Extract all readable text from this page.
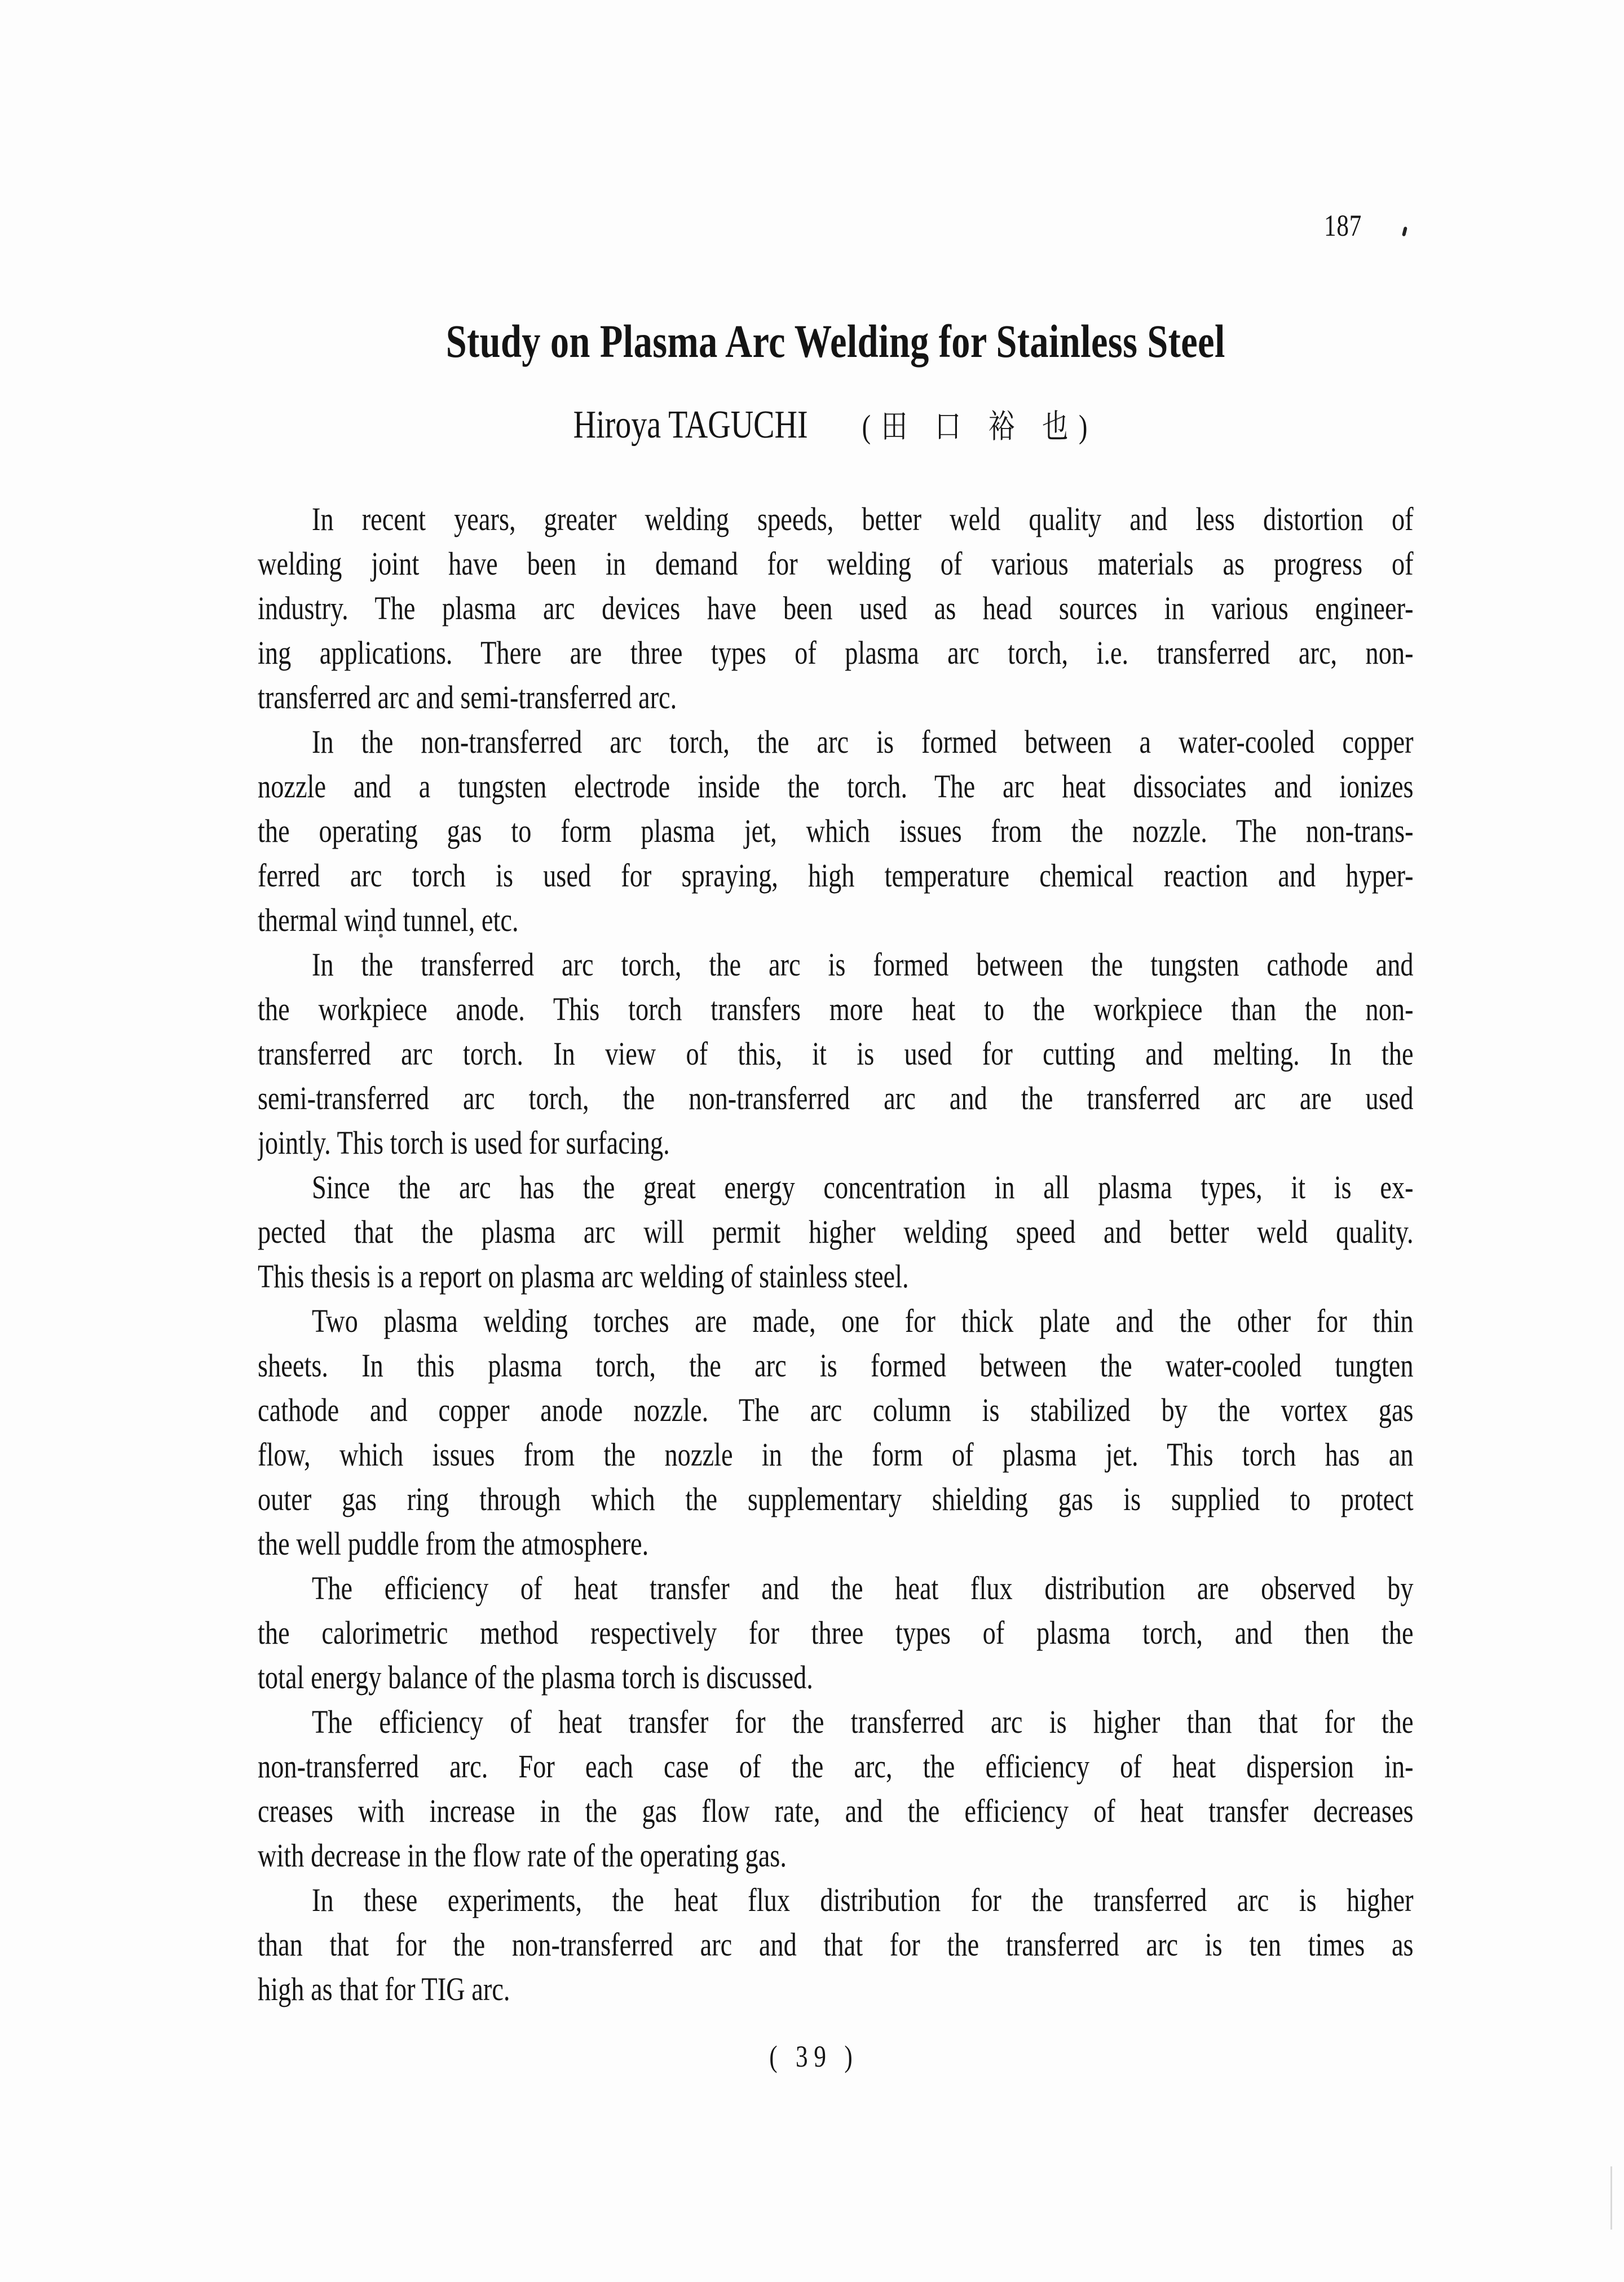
187
Study on Plasma Arc Welding for Stainless Steel
Hiroya TAGUCHI (田 口 裕 也)
In recent years, greater welding speeds, better weld quality and less distortion of
welding joint have been in demand for welding of various materials as progress of
industry. The plasma arc devices have been used as head sources in various engineer-
ing applications. There are three types of plasma arc torch, i.e. transferred arc, non-
transferred arc and semi-transferred arc.
In the non-transferred arc torch, the arc is formed between a water-cooled copper
nozzle and a tungsten electrode inside the torch. The arc heat dissociates and ionizes
the operating gas to form plasma jet, which issues from the nozzle. The non-trans-
ferred arc torch is used for spraying, high temperature chemical reaction and hyper-
thermal wind tunnel, etc.
In the transferred arc torch, the arc is formed between the tungsten cathode and
the workpiece anode. This torch transfers more heat to the workpiece than the non-
transferred arc torch. In view of this, it is used for cutting and melting. In the
semi-transferred arc torch, the non-transferred arc and the transferred arc are used
jointly. This torch is used for surfacing.
Since the arc has the great energy concentration in all plasma types, it is ex-
pected that the plasma arc will permit higher welding speed and better weld quality.
This thesis is a report on plasma arc welding of stainless steel.
Two plasma welding torches are made, one for thick plate and the other for thin
sheets. In this plasma torch, the arc is formed between the water-cooled tungten
cathode and copper anode nozzle. The arc column is stabilized by the vortex gas
flow, which issues from the nozzle in the form of plasma jet. This torch has an
outer gas ring through which the supplementary shielding gas is supplied to protect
the well puddle from the atmosphere.
The efficiency of heat transfer and the heat flux distribution are observed by
the calorimetric method respectively for three types of plasma torch, and then the
total energy balance of the plasma torch is discussed.
The efficiency of heat transfer for the transferred arc is higher than that for the
non-transferred arc. For each case of the arc, the efficiency of heat dispersion in-
creases with increase in the gas flow rate, and the efficiency of heat transfer decreases
with decrease in the flow rate of the operating gas.
In these experiments, the heat flux distribution for the transferred arc is higher
than that for the non-transferred arc and that for the transferred arc is ten times as
high as that for TIG arc.
( 39 )
